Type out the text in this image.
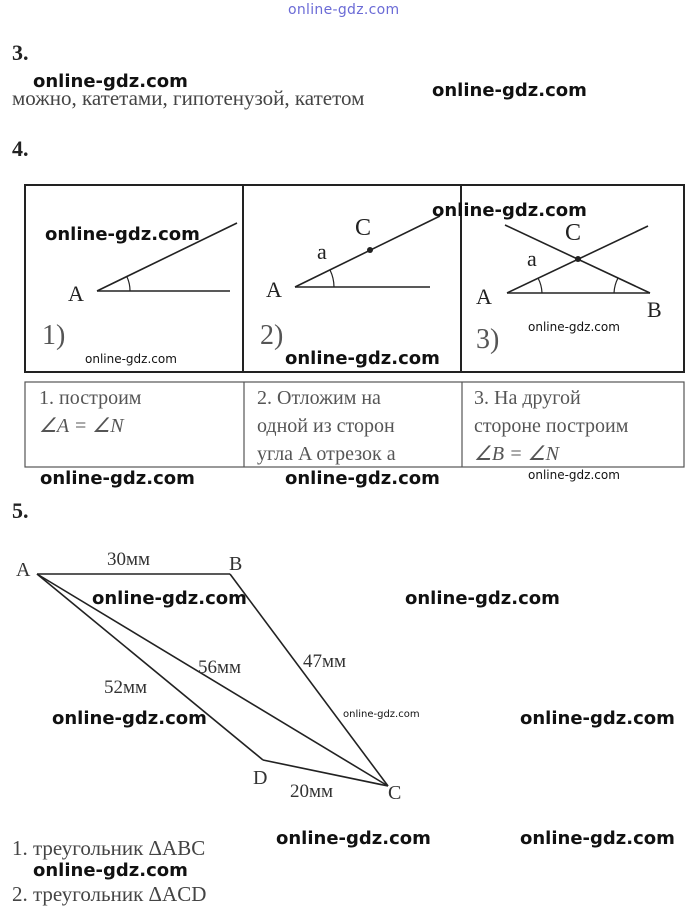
online-gdz.com
3.
можно, катетами, гипотенузой, катетом
4.
A
1)
A
a
C
2)
A
B
C
a
3)
1. построим
∠A = ∠N
2. Отложим на
одной из сторон
угла A отрезок a
3. На другой
стороне построим
∠B = ∠N
5.
A	B
D
C
30мм
56мм
52мм
47мм
20мм
1. треугольник ΔABC
2. треугольник ΔACD
online-gdz.com	online-gdz.com
online-gdz.com
online-gdz.com
online-gdz.com	online-gdz.com
online-gdz.com
online-gdz.com	online-gdz.com	online-gdz.com
online-gdz.com	online-gdz.com
online-gdz.com	online-gdz.com	online-gdz.com
online-gdz.com	online-gdz.com
online-gdz.com
